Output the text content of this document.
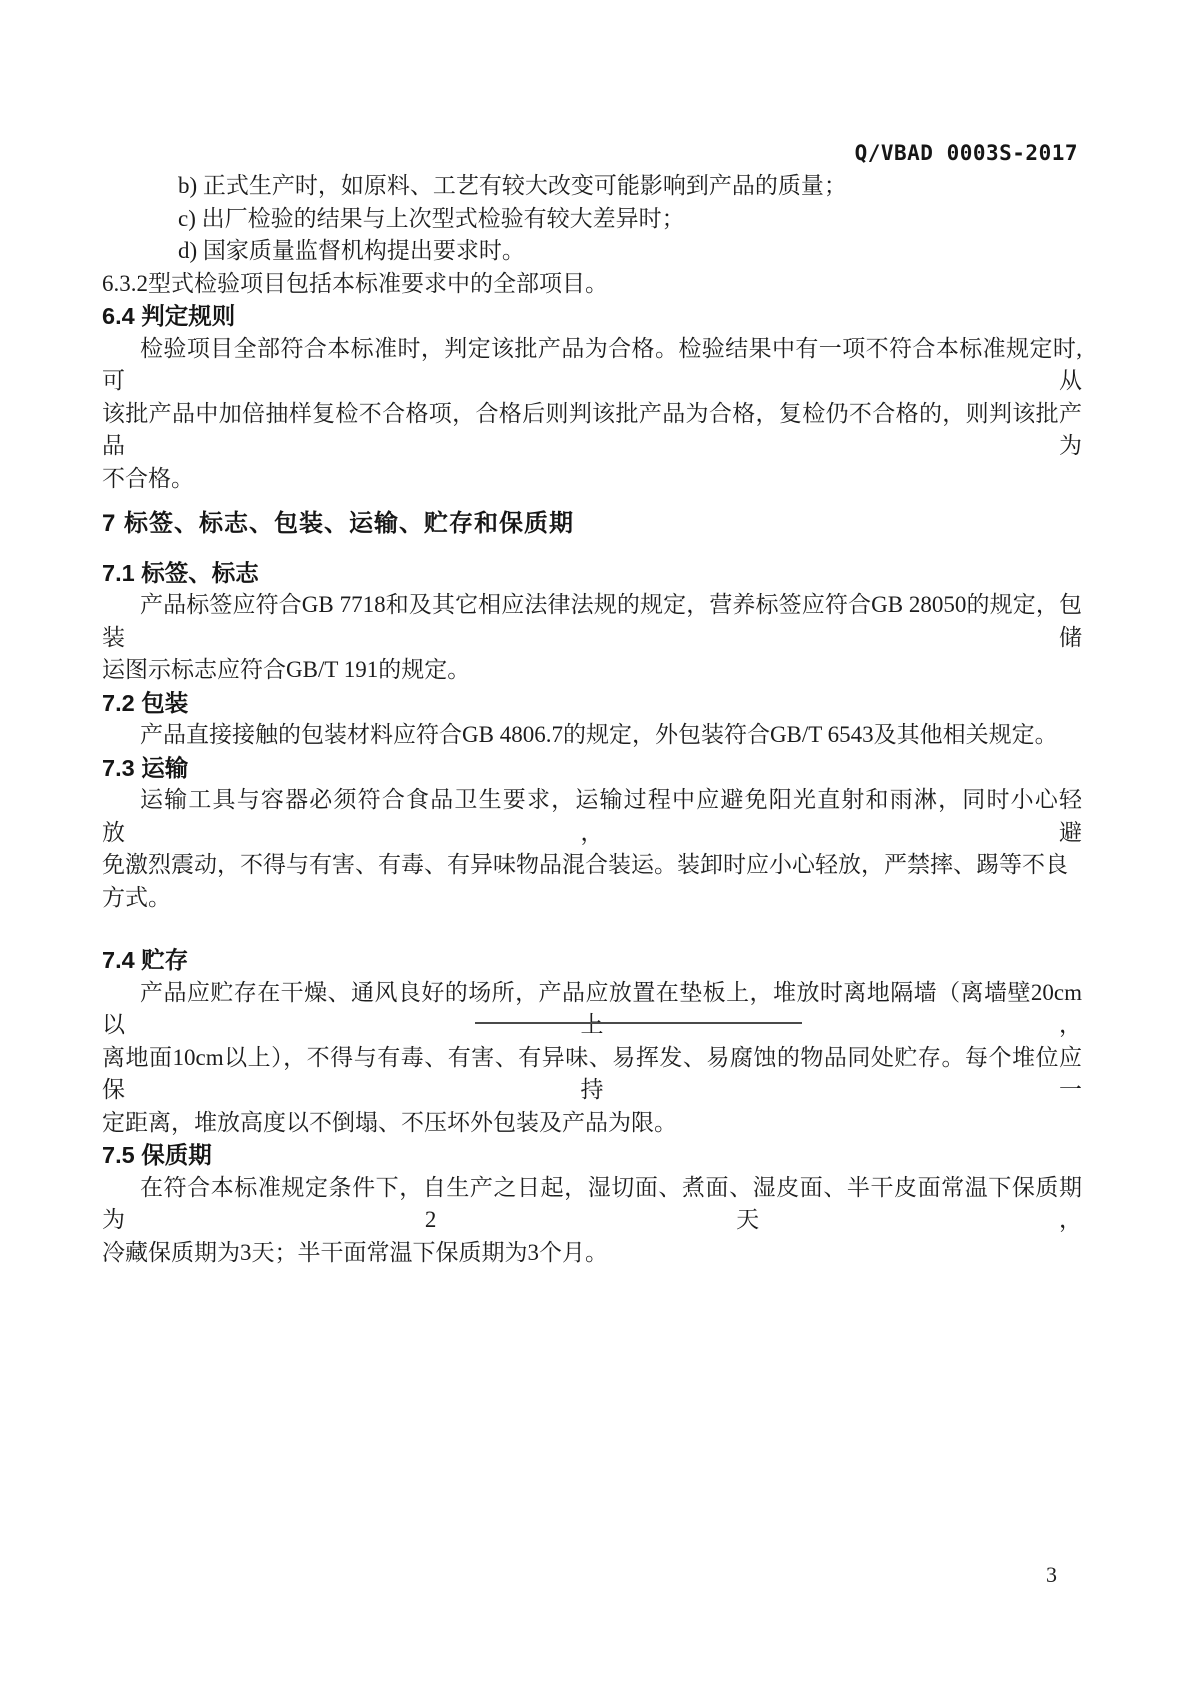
Q/VBAD 0003S-2017
b) 正式生产时，如原料、工艺有较大改变可能影响到产品的质量；
c) 出厂检验的结果与上次型式检验有较大差异时；
d) 国家质量监督机构提出要求时。
6.3.2型式检验项目包括本标准要求中的全部项目。
6.4 判定规则
检验项目全部符合本标准时，判定该批产品为合格。检验结果中有一项不符合本标准规定时,可从
该批产品中加倍抽样复检不合格项，合格后则判该批产品为合格，复检仍不合格的，则判该批产品为
不合格。
7 标签、标志、包装、运输、贮存和保质期
7.1 标签、标志
产品标签应符合GB 7718和及其它相应法律法规的规定，营养标签应符合GB 28050的规定，包装储
运图示标志应符合GB/T 191的规定。
7.2 包装
产品直接接触的包装材料应符合GB 4806.7的规定，外包装符合GB/T 6543及其他相关规定。
7.3 运输
运输工具与容器必须符合食品卫生要求，运输过程中应避免阳光直射和雨淋，同时小心轻放，避
免激烈震动，不得与有害、有毒、有异味物品混合装运。装卸时应小心轻放，严禁摔、踢等不良方式。
7.4 贮存
产品应贮存在干燥、通风良好的场所，产品应放置在垫板上，堆放时离地隔墙（离墙壁20cm以上，
离地面10cm以上），不得与有毒、有害、有异味、易挥发、易腐蚀的物品同处贮存。每个堆位应保持一
定距离，堆放高度以不倒塌、不压坏外包装及产品为限。
7.5 保质期
在符合本标准规定条件下，自生产之日起，湿切面、煮面、湿皮面、半干皮面常温下保质期为2天，
冷藏保质期为3天；半干面常温下保质期为3个月。
3
